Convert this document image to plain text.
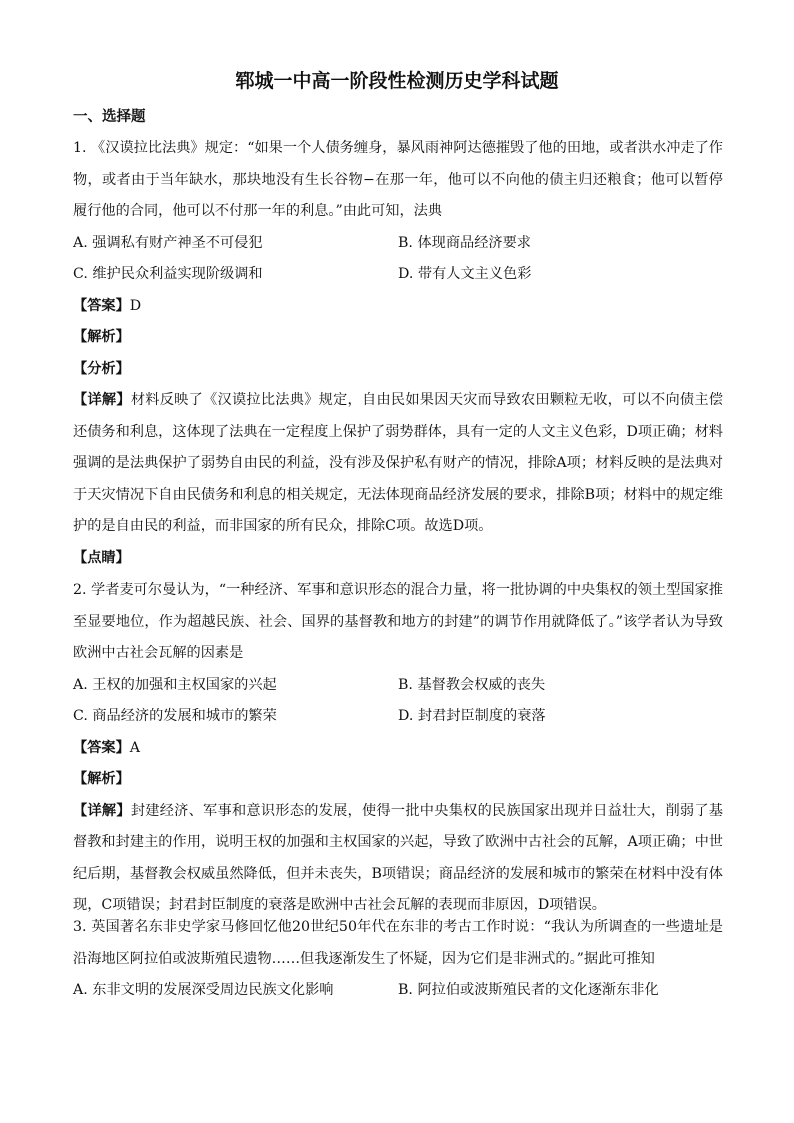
郓城一中高一阶段性检测历史学科试题
一、选择题

1. 《汉谟拉比法典》规定：“如果一个人债务缠身，暴风雨神阿达德摧毁了他的田地，或者洪水冲走了作物，或者由于当年缺水，那块地没有生长谷物−在那一年，他可以不向他的债主归还粮食；他可以暂停履行他的合同，他可以不付那一年的利息。”由此可知，法典

A. 强调私有财产神圣不可侵犯	B. 体现商品经济要求
C. 维护民众利益实现阶级调和	D. 带有人文主义色彩

【答案】D

【解析】

【分析】

【详解】材料反映了《汉谟拉比法典》规定，自由民如果因天灾而导致农田颗粒无收，可以不向债主偿还债务和利息，这体现了法典在一定程度上保护了弱势群体，具有一定的人文主义色彩，D项正确；材料强调的是法典保护了弱势自由民的利益，没有涉及保护私有财产的情况，排除A项；材料反映的是法典对于天灾情况下自由民债务和利息的相关规定，无法体现商品经济发展的要求，排除B项；材料中的规定维护的是自由民的利益，而非国家的所有民众，排除C项。故选D项。

【点睛】

2. 学者麦可尔曼认为，“一种经济、军事和意识形态的混合力量，将一批协调的中央集权的领土型国家推至显要地位，作为超越民族、社会、国界的基督教和地方的封建”的调节作用就降低了。”该学者认为导致欧洲中古社会瓦解的因素是

A. 王权的加强和主权国家的兴起	B. 基督教会权威的丧失
C. 商品经济的发展和城市的繁荣	D. 封君封臣制度的衰落

【答案】A

【解析】

【详解】封建经济、军事和意识形态的发展，使得一批中央集权的民族国家出现并日益壮大，削弱了基督教和封建主的作用，说明王权的加强和主权国家的兴起，导致了欧洲中古社会的瓦解，A项正确；中世纪后期，基督教会权威虽然降低，但并未丧失，B项错误；商品经济的发展和城市的繁荣在材料中没有体现，C项错误；封君封臣制度的衰落是欧洲中古社会瓦解的表现而非原因，D项错误。

3. 英国著名东非史学家马修回忆他20世纪50年代在东非的考古工作时说：“我认为所调查的一些遗址是沿海地区阿拉伯或波斯殖民遗物……但我逐渐发生了怀疑，因为它们是非洲式的。”据此可推知

A. 东非文明的发展深受周边民族文化影响	B. 阿拉伯或波斯殖民者的文化逐渐东非化
